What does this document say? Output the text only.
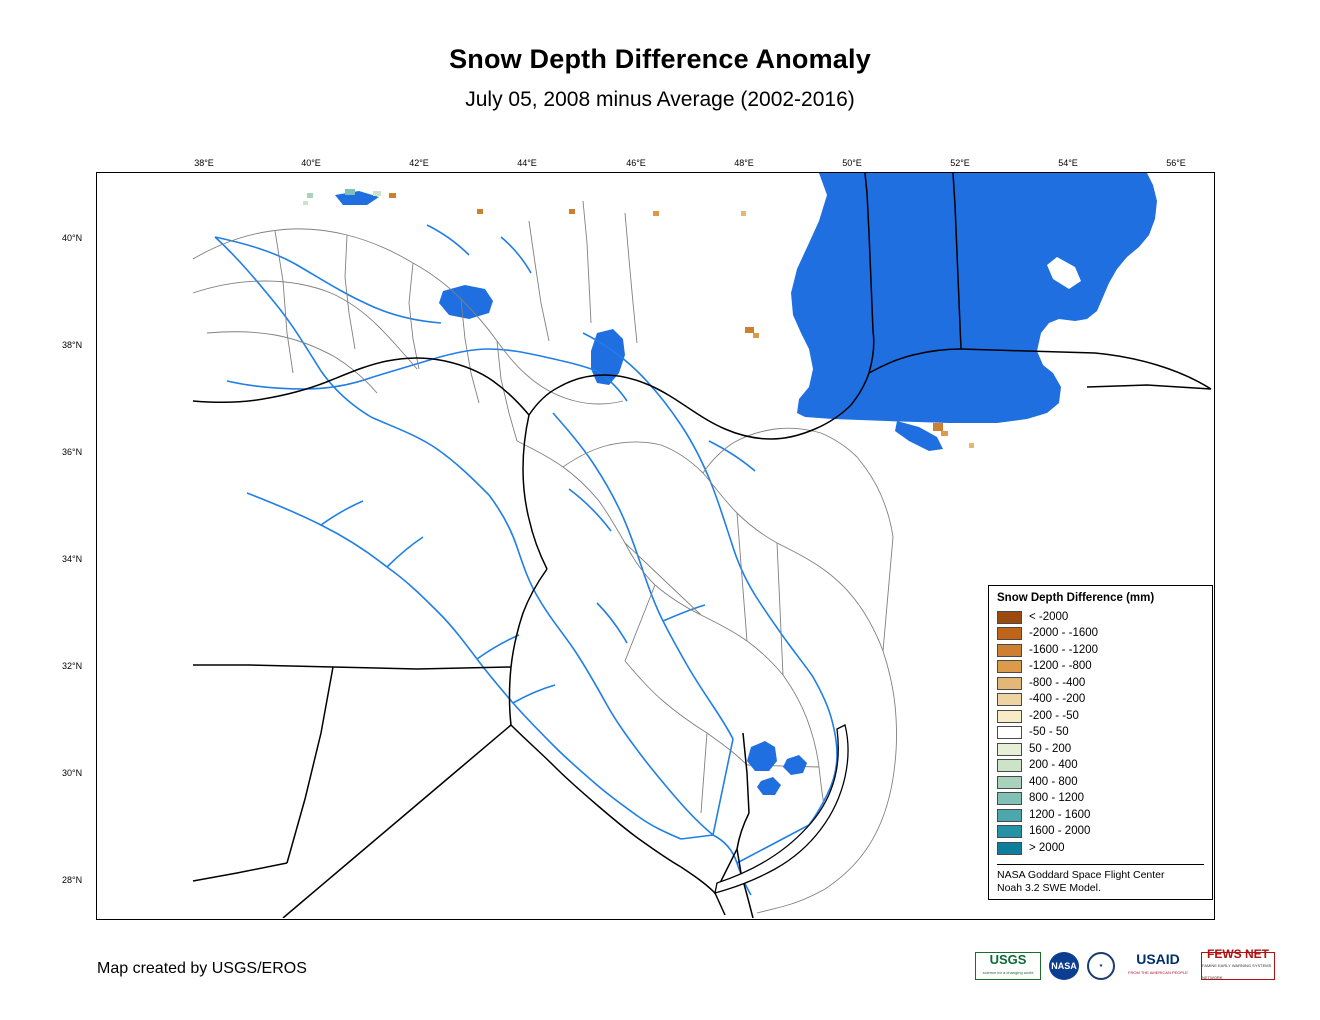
Snow Depth Difference Anomaly
July 05, 2008 minus Average (2002-2016)
38°E	40°E	42°E	44°E	46°E	48°E	50°E	52°E	54°E	56°E
40°N
38°N
36°N
34°N
32°N
30°N
28°N
Snow Depth Difference (mm)
< -2000
-2000 - -1600
-1600 - -1200
-1200 - -800
-800 - -400
-400 - -200
-200 - -50
-50 - 50
50 - 200
200 - 400
400 - 800
800 - 1200
1200 - 1600
1600 - 2000
> 2000
NASA Goddard Space Flight Center
Noah 3.2 SWE Model.
Map created by USGS/EROS
USGS
science for a changing world
NASA	★ USAID
FROM THE AMERICAN PEOPLE
FEWS NET
FAMINE EARLY WARNING SYSTEMS NETWORK
